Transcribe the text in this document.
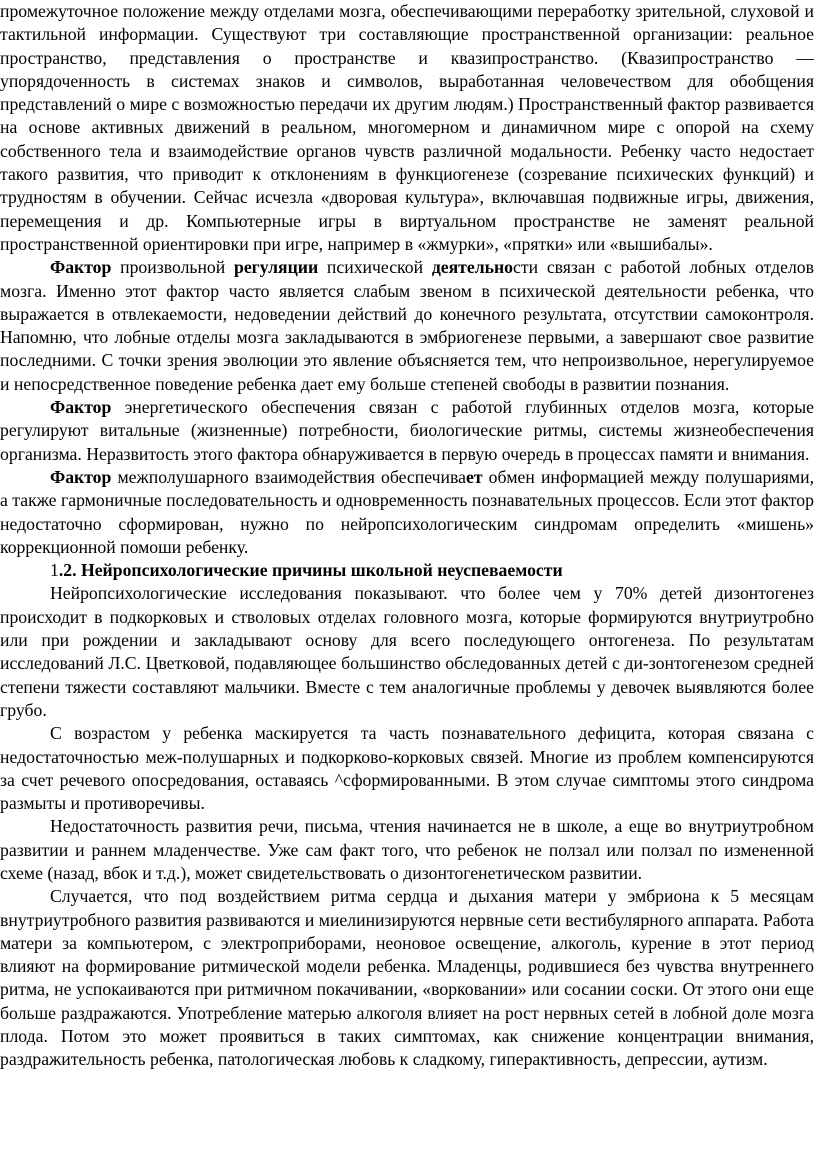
промежуточное положение между отделами мозга, обеспечивающими переработку зрительной, слуховой и тактильной информации. Существуют три составляющие пространственной организации: реальное пространство, представления о пространстве и квазипространство. (Квазипространство — упорядоченность в системах знаков и символов, выработанная человечеством для обобщения представлений о мире с возможностью передачи их другим людям.) Пространственный фактор развивается на основе активных движений в реальном, многомерном и динамичном мире с опорой на схему собственного тела и взаимодействие органов чувств различной модальности. Ребенку часто недостает такого развития, что приводит к отклонениям в функциогенезе (созревание психических функций) и трудностям в обучении. Сейчас исчезла «дворовая культура», включавшая подвижные игры, движения, перемещения и др. Компьютерные игры в виртуальном пространстве не заменят реальной пространственной ориентировки при игре, например в «жмурки», «прятки» или «вышибалы».

Фактор произвольной регуляции психической деятельности связан с работой лобных отделов мозга. Именно этот фактор часто является слабым звеном в психической деятельности ребенка, что выражается в отвлекаемости, недоведении действий до конечного результата, отсутствии самоконтроля. Напомню, что лобные отделы мозга закладываются в эмбриогенезе первыми, а завершают свое развитие последними. С точки зрения эволюции это явление объясняется тем, что непроизвольное, нерегулируемое и непосредственное поведение ребенка дает ему больше степеней свободы в развитии познания.

Фактор энергетического обеспечения связан с работой глубинных отделов мозга, которые регулируют витальные (жизненные) потребности, биологические ритмы, системы жизнеобеспечения организма. Неразвитость этого фактора обнаруживается в первую очередь в процессах памяти и внимания.

Фактор межполушарного взаимодействия обеспечивает обмен информацией между полушариями, а также гармоничные последовательность и одновременность познавательных процессов. Если этот фактор недостаточно сформирован, нужно по нейропсихологическим синдромам определить «мишень» коррекционной помоши ребенку.

1.2. Нейропсихологические причины школьной неуспеваемости

Нейропсихологические исследования показывают. что более чем у 70% детей дизонтогенез происходит в подкорковых и стволовых отделах головного мозга, которые формируются внутриутробно или при рождении и закладывают основу для всего последующего онтогенеза. По результатам исследований Л.С. Цветковой, подавляющее большинство обследованных детей с ди-зонтогенезом средней степени тяжести составляют мальчики. Вместе с тем аналогичные проблемы у девочек выявляются более грубо.

С возрастом у ребенка маскируется та часть познавательного дефицита, которая связана с недостаточностью меж-полушарных и подкорково-корковых связей. Многие из проблем компенсируются за счет речевого опосредования, оставаясь ^сформированными. В этом случае симптомы этого синдрома размыты и противоречивы.

Недостаточность развития речи, письма, чтения начинается не в школе, а еще во внутриутробном развитии и раннем младенчестве. Уже сам факт того, что ребенок не ползал или ползал по измененной схеме (назад, вбок и т.д.), может свидетельствовать о дизонтогенетическом развитии.

Случается, что под воздействием ритма сердца и дыхания матери у эмбриона к 5 месяцам внутриутробного развития развиваются и миелинизируются нервные сети вестибулярного аппарата. Работа матери за компьютером, с электроприборами, неоновое освещение, алкоголь, курение в этот период влияют на формирование ритмической модели ребенка. Младенцы, родившиеся без чувства внутреннего ритма, не успокаиваются при ритмичном покачивании, «ворковании» или сосании соски. От этого они еще больше раздражаются. Употребление матерью алкоголя влияет на рост нервных сетей в лобной доле мозга плода. Потом это может проявиться в таких симптомах, как снижение концентрации внимания, раздражительность ребенка, патологическая любовь к сладкому, гиперактивность, депрессии, аутизм.
